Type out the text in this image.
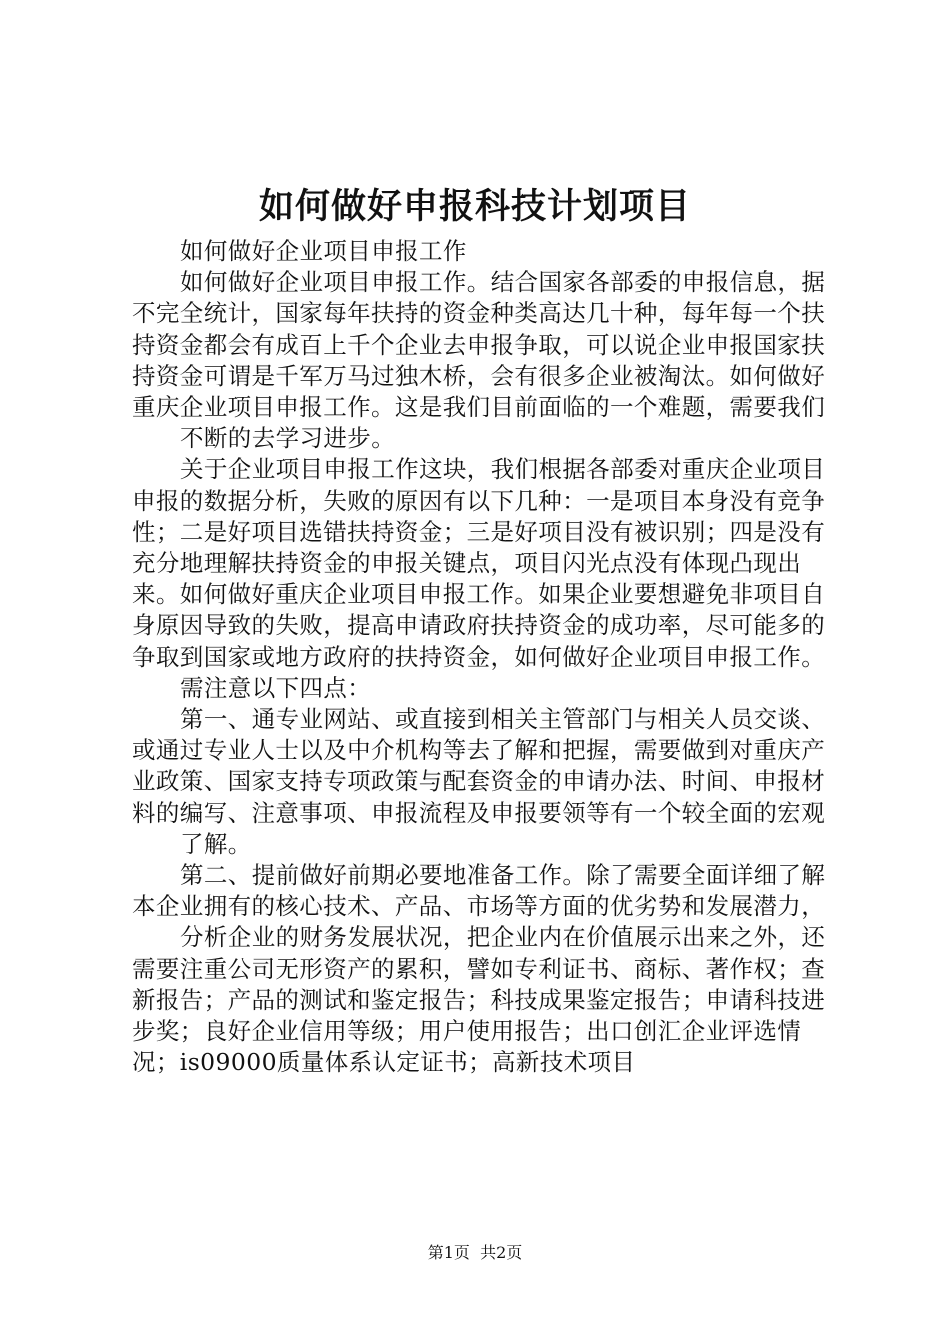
如何做好申报科技计划项目

如何做好企业项目申报工作

如何做好企业项目申报工作。结合国家各部委的申报信息，据不完全统计，国家每年扶持的资金种类高达几十种，每年每一个扶持资金都会有成百上千个企业去申报争取，可以说企业申报国家扶持资金可谓是千军万马过独木桥，会有很多企业被淘汰。如何做好重庆企业项目申报工作。这是我们目前面临的一个难题，需要我们

不断的去学习进步。

关于企业项目申报工作这块，我们根据各部委对重庆企业项目申报的数据分析，失败的原因有以下几种：一是项目本身没有竞争性；二是好项目选错扶持资金；三是好项目没有被识别；四是没有充分地理解扶持资金的申报关键点，项目闪光点没有体现凸现出来。如何做好重庆企业项目申报工作。如果企业要想避免非项目自身原因导致的失败，提高申请政府扶持资金的成功率，尽可能多的争取到国家或地方政府的扶持资金，如何做好企业项目申报工作。

需注意以下四点：

第一、通专业网站、或直接到相关主管部门与相关人员交谈、或通过专业人士以及中介机构等去了解和把握，需要做到对重庆产业政策、国家支持专项政策与配套资金的申请办法、时间、申报材料的编写、注意事项、申报流程及申报要领等有一个较全面的宏观

了解。

第二、提前做好前期必要地准备工作。除了需要全面详细了解本企业拥有的核心技术、产品、市场等方面的优劣势和发展潜力，

分析企业的财务发展状况，把企业内在价值展示出来之外，还需要注重公司无形资产的累积，譬如专利证书、商标、著作权；查新报告；产品的测试和鉴定报告；科技成果鉴定报告；申请科技进步奖；良好企业信用等级；用户使用报告；出口创汇企业评选情况；is09000质量体系认定证书；高新技术项目

第1页 共2页
